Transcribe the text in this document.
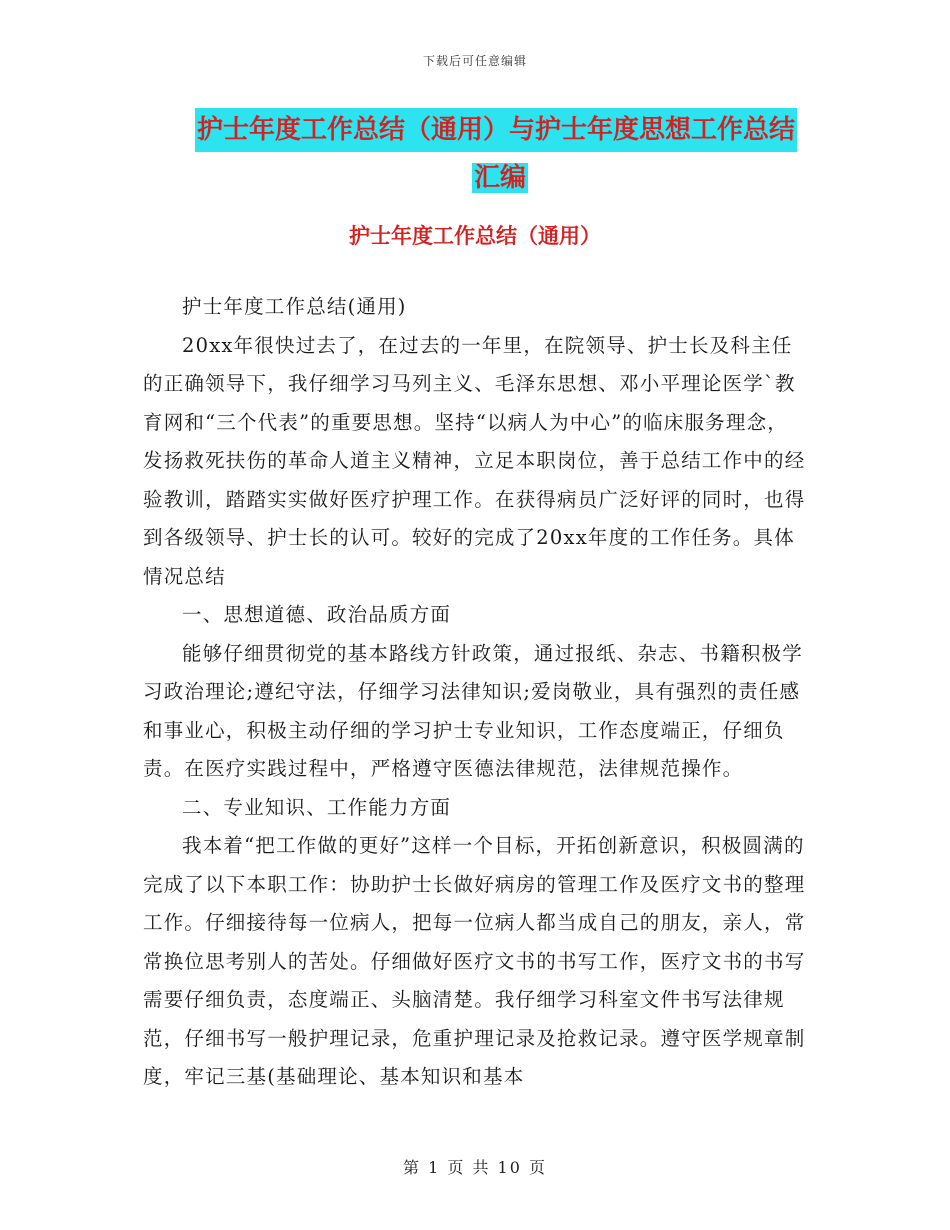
下载后可任意编辑
护士年度工作总结（通用）与护士年度思想工作总结
汇编
护士年度工作总结（通用）

护士年度工作总结(通用)

20xx年很快过去了，在过去的一年里，在院领导、护士长及科主任的正确领导下，我仔细学习马列主义、毛泽东思想、邓小平理论医学`教育网和“三个代表”的重要思想。坚持“以病人为中心”的临床服务理念，发扬救死扶伤的革命人道主义精神，立足本职岗位，善于总结工作中的经验教训，踏踏实实做好医疗护理工作。在获得病员广泛好评的同时，也得到各级领导、护士长的认可。较好的完成了20xx年度的工作任务。具体情况总结

一、思想道德、政治品质方面

能够仔细贯彻党的基本路线方针政策，通过报纸、杂志、书籍积极学习政治理论;遵纪守法，仔细学习法律知识;爱岗敬业，具有强烈的责任感和事业心，积极主动仔细的学习护士专业知识，工作态度端正，仔细负责。在医疗实践过程中，严格遵守医德法律规范，法律规范操作。

二、专业知识、工作能力方面

我本着“把工作做的更好”这样一个目标，开拓创新意识，积极圆满的完成了以下本职工作：协助护士长做好病房的管理工作及医疗文书的整理工作。仔细接待每一位病人，把每一位病人都当成自己的朋友，亲人，常常换位思考别人的苦处。仔细做好医疗文书的书写工作，医疗文书的书写需要仔细负责，态度端正、头脑清楚。我仔细学习科室文件书写法律规范，仔细书写一般护理记录，危重护理记录及抢救记录。遵守医学规章制度，牢记三基(基础理论、基本知识和基本

第 1 页 共 10 页
